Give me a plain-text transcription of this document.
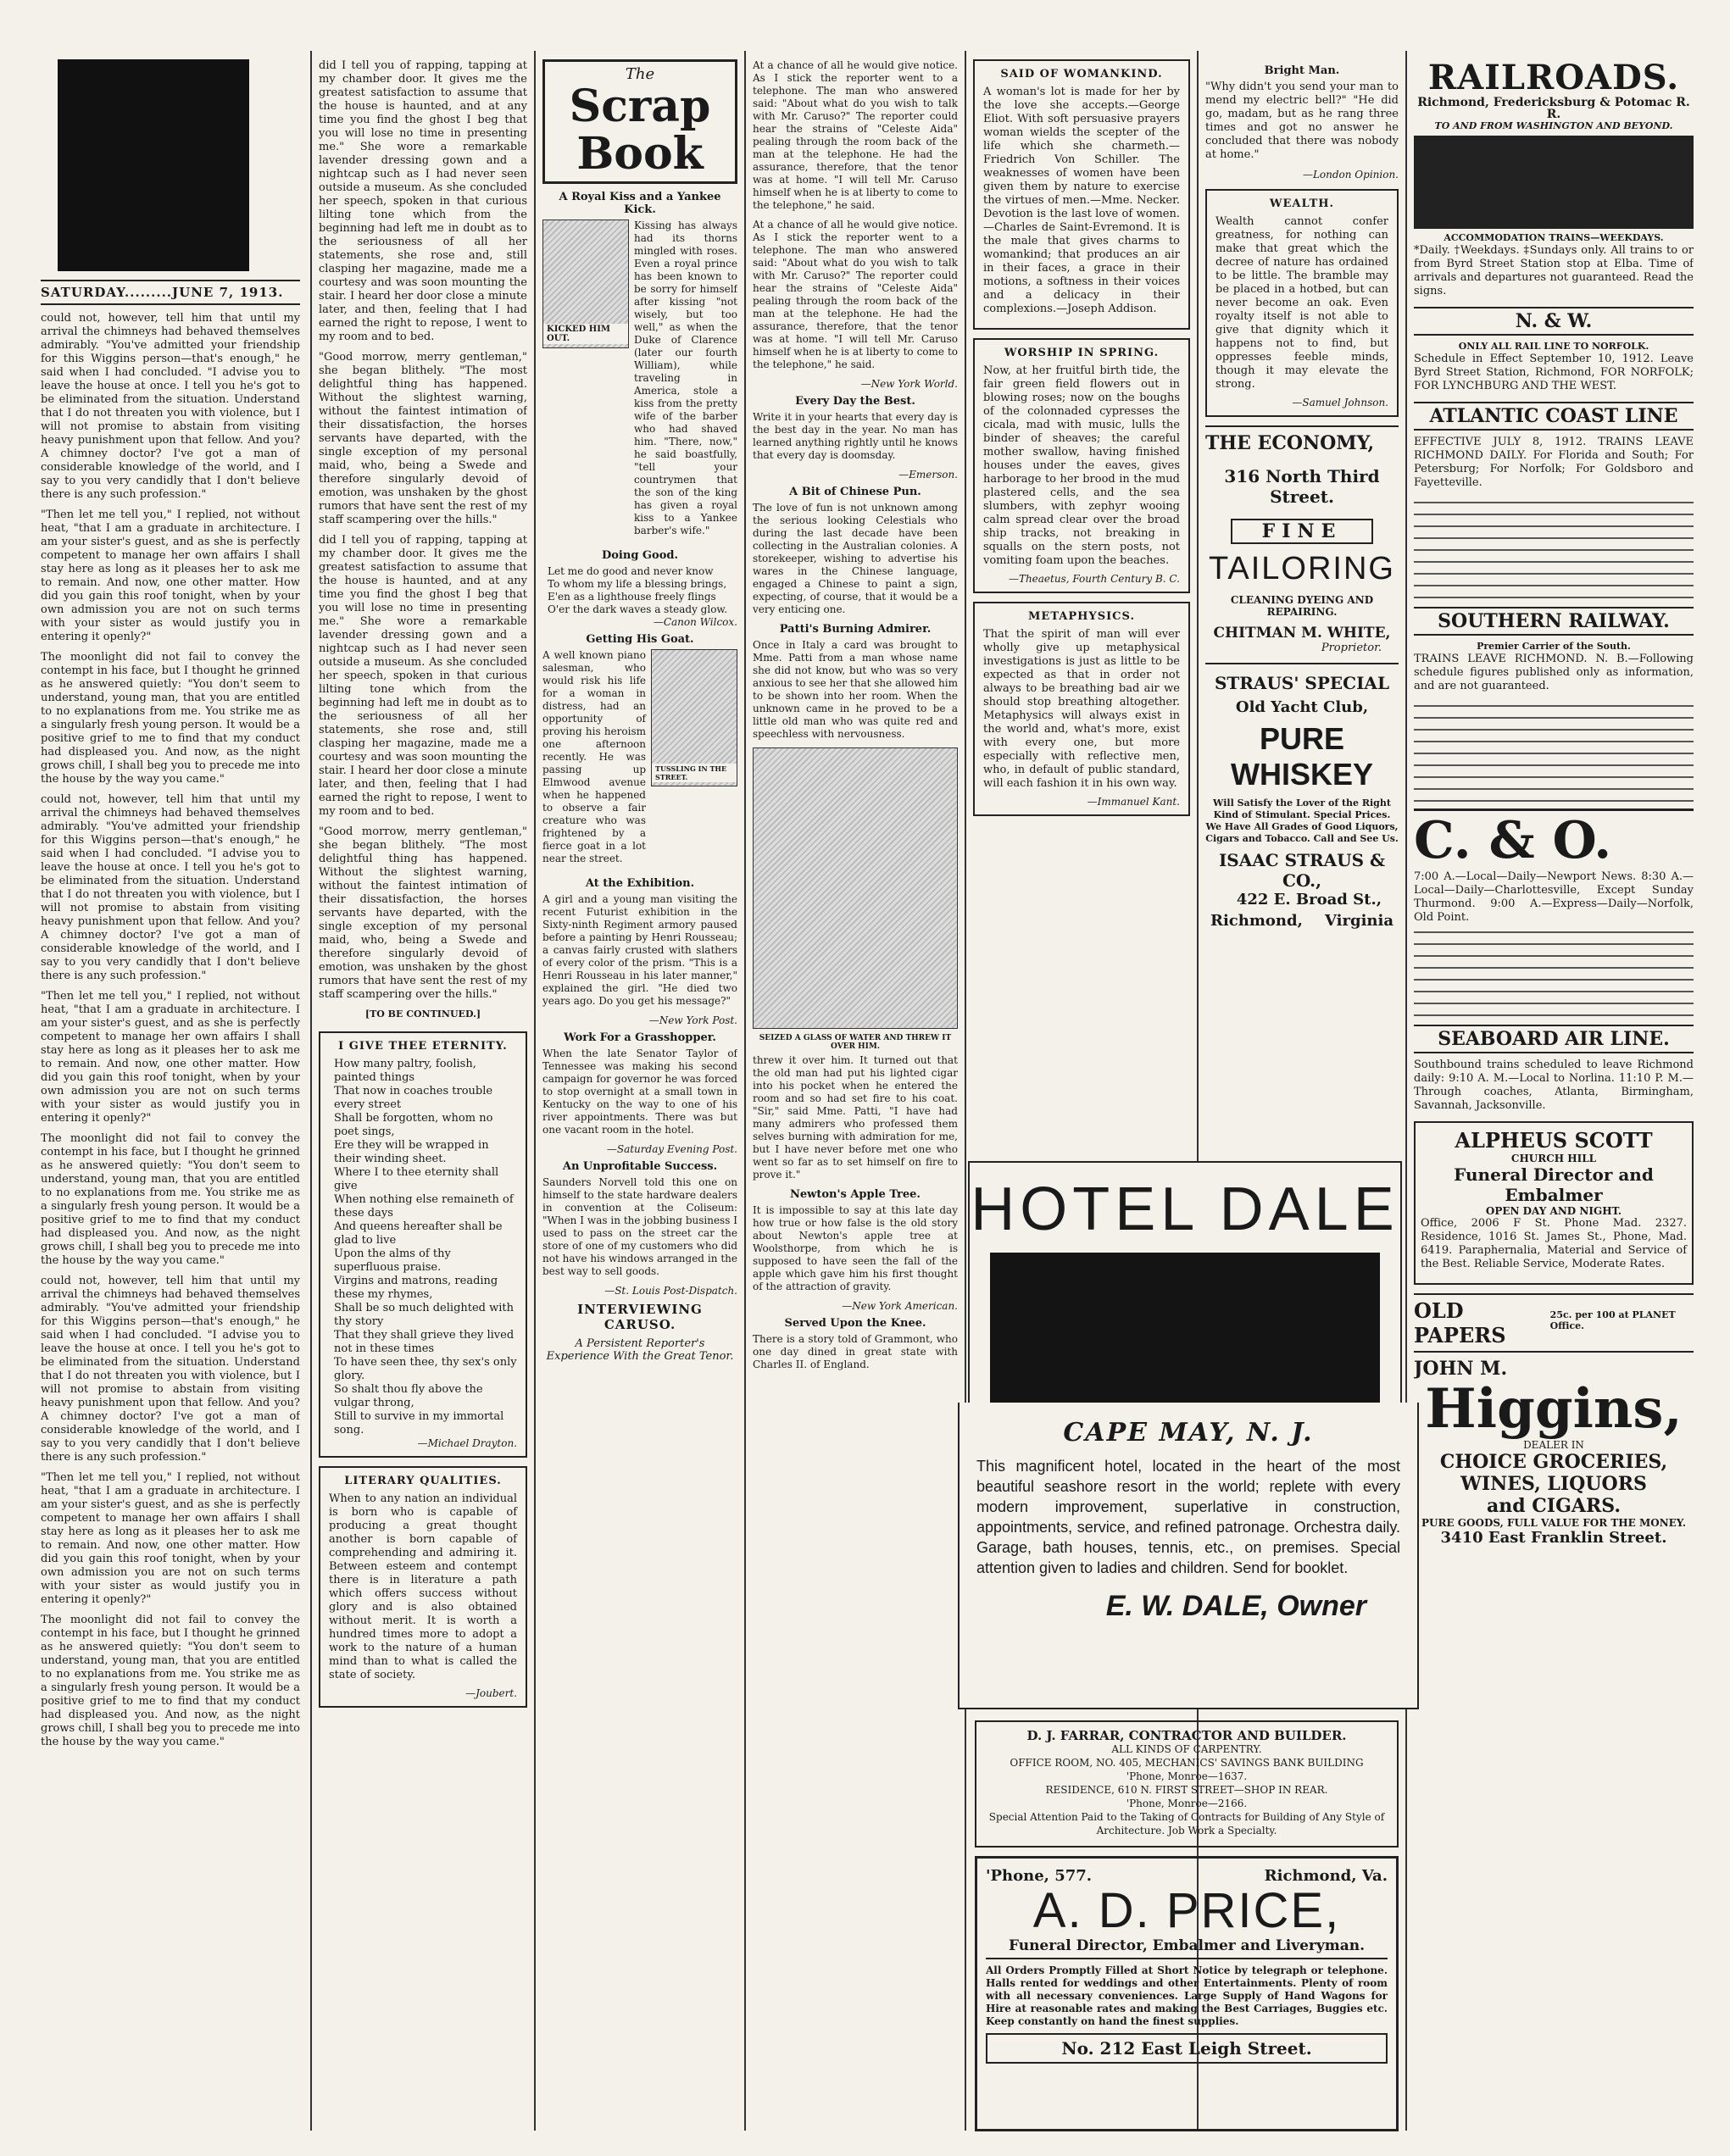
SATURDAY.........JUNE 7, 1913.

could not, however, tell him that until my arrival the chimneys had behaved themselves admirably. "You've admitted your friendship for this Wiggins person—that's enough," he said when I had concluded. "I advise you to leave the house at once. I tell you he's got to be eliminated from the situation. Understand that I do not threaten you with violence, but I will not promise to abstain from visiting heavy punishment upon that fellow. And you? A chimney doctor? I've got a man of considerable knowledge of the world, and I say to you very candidly that I don't believe there is any such profession."

"Then let me tell you," I replied, not without heat, "that I am a graduate in architecture. I am your sister's guest, and as she is perfectly competent to manage her own affairs I shall stay here as long as it pleases her to ask me to remain. And now, one other matter. How did you gain this roof tonight, when by your own admission you are not on such terms with your sister as would justify you in entering it openly?"

The moonlight did not fail to convey the contempt in his face, but I thought he grinned as he answered quietly: "You don't seem to understand, young man, that you are entitled to no explanations from me. You strike me as a singularly fresh young person. It would be a positive grief to me to find that my conduct had displeased you. And now, as the night grows chill, I shall beg you to precede me into the house by the way you came."

could not, however, tell him that until my arrival the chimneys had behaved themselves admirably. "You've admitted your friendship for this Wiggins person—that's enough," he said when I had concluded. "I advise you to leave the house at once. I tell you he's got to be eliminated from the situation. Understand that I do not threaten you with violence, but I will not promise to abstain from visiting heavy punishment upon that fellow. And you? A chimney doctor? I've got a man of considerable knowledge of the world, and I say to you very candidly that I don't believe there is any such profession."

"Then let me tell you," I replied, not without heat, "that I am a graduate in architecture. I am your sister's guest, and as she is perfectly competent to manage her own affairs I shall stay here as long as it pleases her to ask me to remain. And now, one other matter. How did you gain this roof tonight, when by your own admission you are not on such terms with your sister as would justify you in entering it openly?"

The moonlight did not fail to convey the contempt in his face, but I thought he grinned as he answered quietly: "You don't seem to understand, young man, that you are entitled to no explanations from me. You strike me as a singularly fresh young person. It would be a positive grief to me to find that my conduct had displeased you. And now, as the night grows chill, I shall beg you to precede me into the house by the way you came."

could not, however, tell him that until my arrival the chimneys had behaved themselves admirably. "You've admitted your friendship for this Wiggins person—that's enough," he said when I had concluded. "I advise you to leave the house at once. I tell you he's got to be eliminated from the situation. Understand that I do not threaten you with violence, but I will not promise to abstain from visiting heavy punishment upon that fellow. And you? A chimney doctor? I've got a man of considerable knowledge of the world, and I say to you very candidly that I don't believe there is any such profession."

"Then let me tell you," I replied, not without heat, "that I am a graduate in architecture. I am your sister's guest, and as she is perfectly competent to manage her own affairs I shall stay here as long as it pleases her to ask me to remain. And now, one other matter. How did you gain this roof tonight, when by your own admission you are not on such terms with your sister as would justify you in entering it openly?"

The moonlight did not fail to convey the contempt in his face, but I thought he grinned as he answered quietly: "You don't seem to understand, young man, that you are entitled to no explanations from me. You strike me as a singularly fresh young person. It would be a positive grief to me to find that my conduct had displeased you. And now, as the night grows chill, I shall beg you to precede me into the house by the way you came."

did I tell you of rapping, tapping at my chamber door. It gives me the greatest satisfaction to assume that the house is haunted, and at any time you find the ghost I beg that you will lose no time in presenting me." She wore a remarkable lavender dressing gown and a nightcap such as I had never seen outside a museum. As she concluded her speech, spoken in that curious lilting tone which from the beginning had left me in doubt as to the seriousness of all her statements, she rose and, still clasping her magazine, made me a courtesy and was soon mounting the stair. I heard her door close a minute later, and then, feeling that I had earned the right to repose, I went to my room and to bed.

"Good morrow, merry gentleman," she began blithely. "The most delightful thing has happened. Without the slightest warning, without the faintest intimation of their dissatisfaction, the horses servants have departed, with the single exception of my personal maid, who, being a Swede and therefore singularly devoid of emotion, was unshaken by the ghost rumors that have sent the rest of my staff scampering over the hills."

did I tell you of rapping, tapping at my chamber door. It gives me the greatest satisfaction to assume that the house is haunted, and at any time you find the ghost I beg that you will lose no time in presenting me." She wore a remarkable lavender dressing gown and a nightcap such as I had never seen outside a museum. As she concluded her speech, spoken in that curious lilting tone which from the beginning had left me in doubt as to the seriousness of all her statements, she rose and, still clasping her magazine, made me a courtesy and was soon mounting the stair. I heard her door close a minute later, and then, feeling that I had earned the right to repose, I went to my room and to bed.

"Good morrow, merry gentleman," she began blithely. "The most delightful thing has happened. Without the slightest warning, without the faintest intimation of their dissatisfaction, the horses servants have departed, with the single exception of my personal maid, who, being a Swede and therefore singularly devoid of emotion, was unshaken by the ghost rumors that have sent the rest of my staff scampering over the hills."

[TO BE CONTINUED.]
I GIVE THEE ETERNITY.
How many paltry, foolish, painted things
That now in coaches trouble every street
Shall be forgotten, whom no poet sings,
Ere they will be wrapped in their winding sheet.
Where I to thee eternity shall give
When nothing else remaineth of these days
And queens hereafter shall be glad to live
Upon the alms of thy superfluous praise.
Virgins and matrons, reading these my rhymes,
Shall be so much delighted with thy story
That they shall grieve they lived not in these times
To have seen thee, thy sex's only glory.
So shalt thou fly above the vulgar throng,
Still to survive in my immortal song.
—Michael Drayton.
LITERARY QUALITIES.

When to any nation an individual is born who is capable of producing a great thought another is born capable of comprehending and admiring it. Between esteem and contempt there is in literature a path which offers success without glory and is also obtained without merit. It is worth a hundred times more to adopt a work to the nature of a human mind than to what is called the state of society.

—Joubert.
The
Scrap Book
A Royal Kiss and a Yankee Kick.
KICKED HIM OUT.

Kissing has always had its thorns mingled with roses. Even a royal prince has been known to be sorry for himself after kissing "not wisely, but too well," as when the Duke of Clarence (later our fourth William), while traveling in America, stole a kiss from the pretty wife of the barber who had shaved him. "There, now," he said boastfully, "tell your countrymen that the son of the king has given a royal kiss to a Yankee barber's wife."

Doing Good.
Let me do good and never know
To whom my life a blessing brings,
E'en as a lighthouse freely flings
O'er the dark waves a steady glow.
—Canon Wilcox.
Getting His Goat.

A well known piano salesman, who would risk his life for a woman in distress, had an opportunity of proving his heroism one afternoon recently. He was passing up Elmwood avenue when he happened to observe a fair creature who was frightened by a fierce goat in a lot near the street.

TUSSLING IN THE STREET.
At the Exhibition.

A girl and a young man visiting the recent Futurist exhibition in the Sixty-ninth Regiment armory paused before a painting by Henri Rousseau; a canvas fairly crusted with slathers of every color of the prism. "This is a Henri Rousseau in his later manner," explained the girl. "He died two years ago. Do you get his message?"

—New York Post.
Work For a Grasshopper.

When the late Senator Taylor of Tennessee was making his second campaign for governor he was forced to stop overnight at a small town in Kentucky on the way to one of his river appointments. There was but one vacant room in the hotel.

—Saturday Evening Post.
An Unprofitable Success.

Saunders Norvell told this one on himself to the state hardware dealers in convention at the Coliseum: "When I was in the jobbing business I used to pass on the street car the store of one of my customers who did not have his windows arranged in the best way to sell goods.

—St. Louis Post-Dispatch.
INTERVIEWING CARUSO.
A Persistent Reporter's Experience With the Great Tenor.

At a chance of all he would give notice. As I stick the reporter went to a telephone. The man who answered said: "About what do you wish to talk with Mr. Caruso?" The reporter could hear the strains of "Celeste Aida" pealing through the room back of the man at the telephone. He had the assurance, therefore, that the tenor was at home. "I will tell Mr. Caruso himself when he is at liberty to come to the telephone," he said.

At a chance of all he would give notice. As I stick the reporter went to a telephone. The man who answered said: "About what do you wish to talk with Mr. Caruso?" The reporter could hear the strains of "Celeste Aida" pealing through the room back of the man at the telephone. He had the assurance, therefore, that the tenor was at home. "I will tell Mr. Caruso himself when he is at liberty to come to the telephone," he said.

—New York World.
Every Day the Best.

Write it in your hearts that every day is the best day in the year. No man has learned anything rightly until he knows that every day is doomsday.

—Emerson.
A Bit of Chinese Pun.

The love of fun is not unknown among the serious looking Celestials who during the last decade have been collecting in the Australian colonies. A storekeeper, wishing to advertise his wares in the Chinese language, engaged a Chinese to paint a sign, expecting, of course, that it would be a very enticing one.

Patti's Burning Admirer.

Once in Italy a card was brought to Mme. Patti from a man whose name she did not know, but who was so very anxious to see her that she allowed him to be shown into her room. When the unknown came in he proved to be a little old man who was quite red and speechless with nervousness.

SEIZED A GLASS OF WATER AND THREW IT OVER HIM.

threw it over him. It turned out that the old man had put his lighted cigar into his pocket when he entered the room and so had set fire to his coat. "Sir," said Mme. Patti, "I have had many admirers who professed them selves burning with admiration for me, but I have never before met one who went so far as to set himself on fire to prove it."

Newton's Apple Tree.

It is impossible to say at this late day how true or how false is the old story about Newton's apple tree at Woolsthorpe, from which he is supposed to have seen the fall of the apple which gave him his first thought of the attraction of gravity.

—New York American.
Served Upon the Knee.

There is a story told of Grammont, who one day dined in great state with Charles II. of England.

SAID OF WOMANKIND.

A woman's lot is made for her by the love she accepts.—George Eliot. With soft persuasive prayers woman wields the scepter of the life which she charmeth.—Friedrich Von Schiller. The weaknesses of women have been given them by nature to exercise the virtues of men.—Mme. Necker. Devotion is the last love of women.—Charles de Saint-Evremond. It is the male that gives charms to womankind; that produces an air in their faces, a grace in their motions, a softness in their voices and a delicacy in their complexions.—Joseph Addison.

WORSHIP IN SPRING.

Now, at her fruitful birth tide, the fair green field flowers out in blowing roses; now on the boughs of the colonnaded cypresses the cicala, mad with music, lulls the binder of sheaves; the careful mother swallow, having finished houses under the eaves, gives harborage to her brood in the mud plastered cells, and the sea slumbers, with zephyr wooing calm spread clear over the broad ship tracks, not breaking in squalls on the stern posts, not vomiting foam upon the beaches.

—Theaetus, Fourth Century B. C.
METAPHYSICS.

That the spirit of man will ever wholly give up metaphysical investigations is just as little to be expected as that in order not always to be breathing bad air we should stop breathing altogether. Metaphysics will always exist in the world and, what's more, exist with every one, but more especially with reflective men, who, in default of public standard, will each fashion it in his own way.

—Immanuel Kant.
Bright Man.

"Why didn't you send your man to mend my electric bell?" "He did go, madam, but as he rang three times and got no answer he concluded that there was nobody at home."

—London Opinion.
WEALTH.

Wealth cannot confer greatness, for nothing can make that great which the decree of nature has ordained to be little. The bramble may be placed in a hotbed, but can never become an oak. Even royalty itself is not able to give that dignity which it happens not to find, but oppresses feeble minds, though it may elevate the strong.

—Samuel Johnson.
THE ECONOMY,
316 North Third Street.
FINE
TAILORING
CLEANING DYEING AND REPAIRING.
CHITMAN M. WHITE,
Proprietor.
STRAUS' SPECIAL
Old Yacht Club,
PURE WHISKEY
Will Satisfy the Lover of the Right Kind of Stimulant. Special Prices. We Have All Grades of Good Liquors, Cigars and Tobacco. Call and See Us.
ISAAC STRAUS & CO.,
422 E. Broad St.,
Richmond, Virginia
HOTEL DALE
CAPE MAY, N. J.
This magnificent hotel, located in the heart of the most beautiful seashore resort in the world; replete with every modern improvement, superlative in construction, appointments, service, and refined patronage. Orchestra daily. Garage, bath houses, tennis, etc., on premises. Special attention given to ladies and children. Send for booklet.
E. W. DALE, Owner
D. J. FARRAR, CONTRACTOR AND BUILDER.
ALL KINDS OF CARPENTRY.
OFFICE ROOM, NO. 405, MECHANICS' SAVINGS BANK BUILDING
'Phone, Monroe—1637.
RESIDENCE, 610 N. FIRST STREET—SHOP IN REAR.
'Phone, Monroe—2166.
Special Attention Paid to the Taking of Contracts for Building of Any Style of Architecture. Job Work a Specialty.
'Phone, 577.	Richmond, Va.
A. D. PRICE,
Funeral Director, Embalmer and Liveryman.
All Orders Promptly Filled at Short Notice by telegraph or telephone. Halls rented for weddings and other Entertainments. Plenty of room with all necessary conveniences. Large Supply of Hand Wagons for Hire at reasonable rates and making the Best Carriages, Buggies etc. Keep constantly on hand the finest supplies.
No. 212 East Leigh Street.
RAILROADS.
Richmond, Fredericksburg & Potomac R. R.
TO AND FROM WASHINGTON AND BEYOND.
ACCOMMODATION TRAINS—WEEKDAYS.

*Daily. †Weekdays. ‡Sundays only. All trains to or from Byrd Street Station stop at Elba. Time of arrivals and departures not guaranteed. Read the signs.

N. & W.
ONLY ALL RAIL LINE TO NORFOLK.

Schedule in Effect September 10, 1912. Leave Byrd Street Station, Richmond, FOR NORFOLK; FOR LYNCHBURG AND THE WEST.

ATLANTIC COAST LINE

EFFECTIVE JULY 8, 1912. TRAINS LEAVE RICHMOND DAILY. For Florida and South; For Petersburg; For Norfolk; For Goldsboro and Fayetteville.

SOUTHERN RAILWAY.
Premier Carrier of the South.

TRAINS LEAVE RICHMOND. N. B.—Following schedule figures published only as information, and are not guaranteed.

C. & O.

7:00 A.—Local—Daily—Newport News. 8:30 A.—Local—Daily—Charlottesville, Except Sunday Thurmond. 9:00 A.—Express—Daily—Norfolk, Old Point.

SEABOARD AIR LINE.

Southbound trains scheduled to leave Richmond daily: 9:10 A. M.—Local to Norlina. 11:10 P. M.—Through coaches, Atlanta, Birmingham, Savannah, Jacksonville.

ALPHEUS SCOTT
CHURCH HILL
Funeral Director and Embalmer
OPEN DAY AND NIGHT.

Office, 2006 F St. Phone Mad. 2327. Residence, 1016 St. James St., Phone, Mad. 6419. Paraphernalia, Material and Service of the Best. Reliable Service, Moderate Rates.

OLD PAPERS
25c. per 100 at PLANET Office.
JOHN M.
Higgins,
DEALER IN
CHOICE GROCERIES,
WINES, LIQUORS
and CIGARS.
PURE GOODS, FULL VALUE FOR THE MONEY.
3410 East Franklin Street.
